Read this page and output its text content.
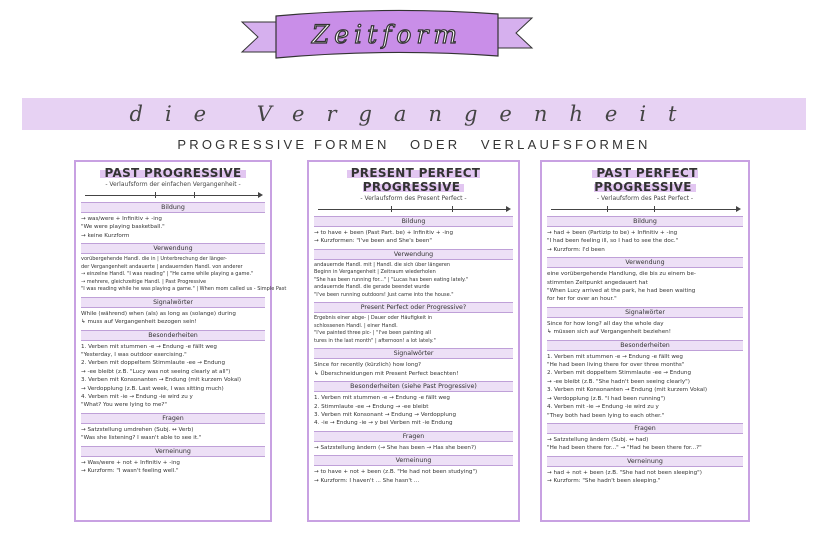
Zeitform
die Vergangenheit
PROGRESSIVE FORMEN   ODER   VERLAUFSFORMEN
PAST PROGRESSIVE
- Verlaufsform der einfachen Vergangenheit -
Bildung
→ was/were + Infinitiv + -ing
"We were playing basketball."
→ keine Kurzform
Verwendung
vorübergehende Handl. die in | Unterbrechung der länger-
der Vergangenheit andauerte | andauernden Handl. von anderer
→ einzelne Handl. "I was reading" | "He came while playing a game."
→ mehrere, gleichzeitige Handl. | Past Progressive
"I was reading while he was playing a game." | When mom called us - Simple Past
Signalwörter
While (während) when (als) as long as (solange) during
↳ muss auf Vergangenheit bezogen sein!
Besonderheiten
1. Verben mit stummen -e → Endung -e fällt weg
"Yesterday, I was outdoor exercising."
2. Verben mit doppeltem Stimmlaute -ee → Endung
→ -ee bleibt (z.B. "Lucy was not seeing clearly at all")
3. Verben mit Konsonanten → Endung (mit kurzem Vokal)
→ Verdopplung (z.B. Last week, I was sitting much)
4. Verben mit -ie → Endung -ie wird zu y
"What? You were lying to me?"
Fragen
→ Satzstellung umdrehen (Subj. ↔ Verb)
"Was she listening? I wasn't able to see it."
Verneinung
→ Was/were + not + Infinitiv + -ing
→ Kurzform: "I wasn't feeling well."
PRESENT PERFECT PROGRESSIVE
- Verlaufsform des Present Perfect -
Bildung
→ to have + been (Past Part. be) + Infinitiv + -ing
→ Kurzformen: "I've been and She's been"
Verwendung
andauernde Handl. mit | Handl. die sich über längeren
Beginn in Vergangenheit | Zeitraum wiederholen
"She has been running for..." | "Lucas has been eating lately."
andauernde Handl. die gerade beendet wurde
"I've been running outdoors! Just came into the house."
Present Perfect oder Progressive?
Ergebnis einer abge- | Dauer oder Häufigkeit in
schlossenen Handl. | einer Handl.
"I've painted three pic- | "I've been painting all
tures in the last month" | afternoon! a lot lately."
Signalwörter
Since for recently (kürzlich) how long?
↳ Überschneidungen mit Present Perfect beachten!
Besonderheiten (siehe Past Progressive)
1. Verben mit stummen -e → Endung -e fällt weg
2. Stimmlaute -ee → Endung → -ee bleibt
3. Verben mit Konsonant → Endung → Verdopplung
4. -ie → Endung -ie → y bei Verben mit -ie Endung
Fragen
→ Satzstellung ändern (→ She has been → Has she been?)
Verneinung
→ to have + not + been (z.B. "He had not been studying")
→ Kurzform: I haven't ... She hasn't ...
PAST PERFECT PROGRESSIVE
- Verlaufsform des Past Perfect -
Bildung
→ had + been (Partizip to be) + Infinitiv + -ing
"I had been feeling ill, so I had to see the doc."
→ Kurzform: I'd been
Verwendung
eine vorübergehende Handlung, die bis zu einem be-
stimmten Zeitpunkt angedauert hat
"When Lucy arrived at the park, he had been waiting
for her for over an hour."
Signalwörter
Since for how long? all day the whole day
↳ müssen sich auf Vergangenheit beziehen!
Besonderheiten
1. Verben mit stummen -e → Endung -e fällt weg
"He had been living there for over three months"
2. Verben mit doppeltem Stimmlaute -ee → Endung
→ -ee bleibt (z.B. "She hadn't been seeing clearly")
3. Verben mit Konsonanten → Endung (mit kurzem Vokal)
→ Verdopplung (z.B. "I had been running")
4. Verben mit -ie → Endung -ie wird zu y
"They both had been lying to each other."
Fragen
→ Satzstellung ändern (Subj. ↔ had)
"He had been there for..." → "Had he been there for...?"
Verneinung
→ had + not + been (z.B. "She had not been sleeping")
→ Kurzform: "She hadn't been sleeping."
